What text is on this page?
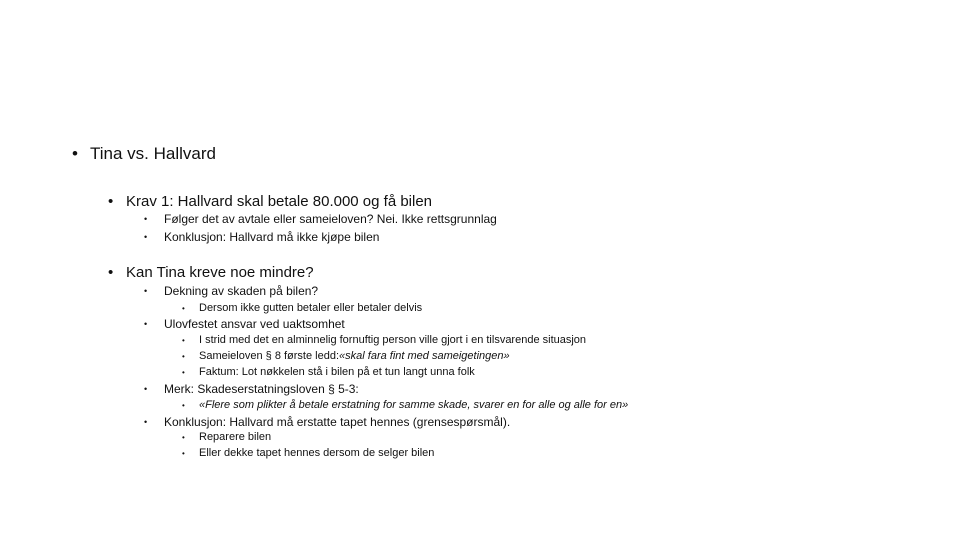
• Tina vs. Hallvard
• Krav 1: Hallvard skal betale 80.000 og få bilen
•	Følger det av avtale eller sameieloven? Nei. Ikke rettsgrunnlag
•	Konklusjon: Hallvard må ikke kjøpe bilen
• Kan Tina kreve noe mindre?
•	Dekning av skaden på bilen?
•	Dersom ikke gutten betaler eller betaler delvis
•	Ulovfestet ansvar ved uaktsomhet
•	I strid med det en alminnelig fornuftig person ville gjort i en tilsvarende situasjon
•	Sameieloven § 8 første ledd: «skal fara fint med sameigetingen»
•	Faktum: Lot nøkkelen stå i bilen på et tun langt unna folk
•	Merk: Skadeserstatningsloven § 5-3:
•	«Flere som plikter å betale erstatning for samme skade, svarer en for alle og alle for en»
•	Konklusjon: Hallvard må erstatte tapet hennes (grensespørsmål).
•	Reparere bilen
•	Eller dekke tapet hennes dersom de selger bilen
